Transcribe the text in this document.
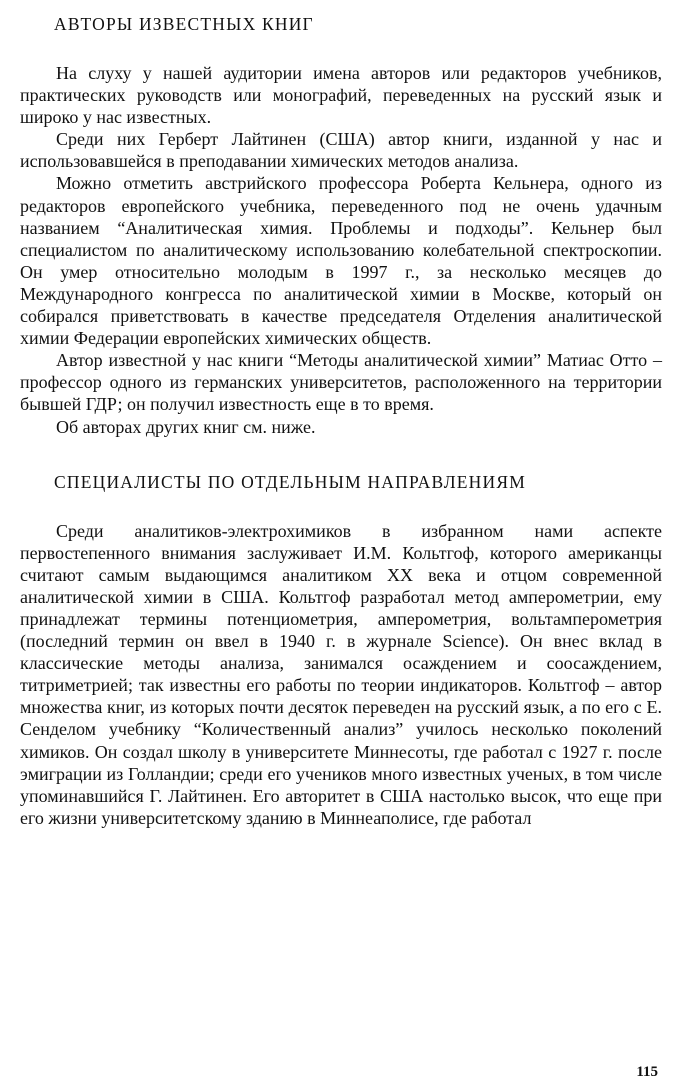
АВТОРЫ ИЗВЕСТНЫХ КНИГ

На слуху у нашей аудитории имена авторов или редакторов учебников, практических руководств или монографий, переведенных на русский язык и широко у нас известных.

Среди них Герберт Лайтинен (США) автор книги, изданной у нас и использовавшейся в преподавании химических методов анализа.

Можно отметить австрийского профессора Роберта Кельнера, одного из редакторов европейского учебника, переведенного под не очень удачным названием “Аналитическая химия. Проблемы и подходы”. Кельнер был специалистом по аналитическому использованию колебательной спектроскопии. Он умер относительно молодым в 1997 г., за несколько месяцев до Международного конгресса по аналитической химии в Москве, который он собирался приветствовать в качестве председателя Отделения аналитической химии Федерации европейских химических обществ.

Автор известной у нас книги “Методы аналитической химии” Матиас Отто – профессор одного из германских университетов, расположенного на территории бывшей ГДР; он получил известность еще в то время.

Об авторах других книг см. ниже.

СПЕЦИАЛИСТЫ ПО ОТДЕЛЬНЫМ НАПРАВЛЕНИЯМ

Среди аналитиков-электрохимиков в избранном нами аспекте первостепенного внимания заслуживает И.М. Кольтгоф, которого американцы считают самым выдающимся аналитиком XX века и отцом современной аналитической химии в США. Кольтгоф разработал метод амперометрии, ему принадлежат термины потенциометрия, амперометрия, вольтамперометрия (последний термин он ввел в 1940 г. в журнале Science). Он внес вклад в классические методы анализа, занимался осаждением и соосаждением, титриметрией; так известны его работы по теории индикаторов. Кольтгоф – автор множества книг, из которых почти десяток переведен на русский язык, а по его с Е. Сенделом учебнику “Количественный анализ” училось несколько поколений химиков. Он создал школу в университете Миннесоты, где работал с 1927 г. после эмиграции из Голландии; среди его учеников много известных ученых, в том числе упоминавшийся Г. Лайтинен. Его авторитет в США настолько высок, что еще при его жизни университетскому зданию в Миннеаполисе, где работал

115
